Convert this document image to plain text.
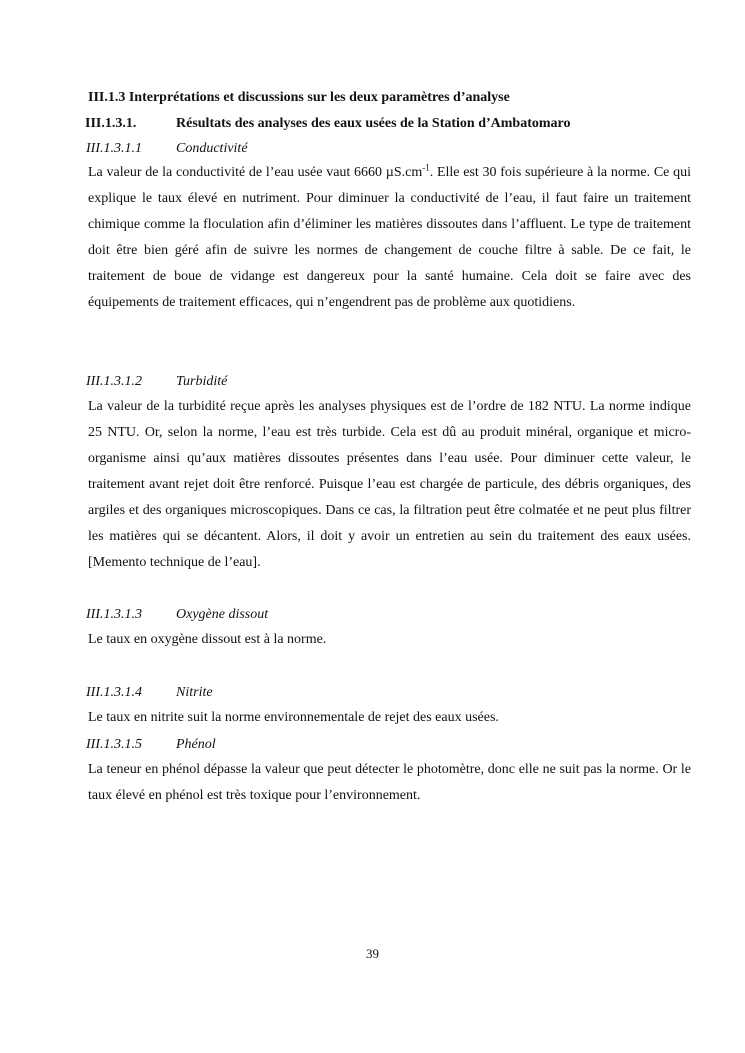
III.1.3 Interprétations et discussions sur les deux paramètres d’analyse
III.1.3.1.	Résultats des analyses des eaux usées de la Station d’Ambatomaro
III.1.3.1.1 Conductivité

La valeur de la conductivité de l’eau usée vaut 6660 $\mu S.cm^{-1}$. Elle est 30 fois supérieure à la norme. Ce qui explique le taux élevé en nutriment. Pour diminuer la conductivité de l’eau, il faut faire un traitement chimique comme la floculation afin d’éliminer les matières dissoutes dans l’affluent. Le type de traitement doit être bien géré afin de suivre les normes de changement de couche filtre à sable. De ce fait, le traitement de boue de vidange est dangereux pour la santé humaine. Cela doit se faire avec des équipements de traitement efficaces, qui n’engendrent pas de problème aux quotidiens.

III.1.3.1.2 Turbidité

La valeur de la turbidité reçue après les analyses physiques est de l’ordre de 182 NTU. La norme indique 25 NTU. Or, selon la norme, l’eau est très turbide. Cela est dû au produit minéral, organique et micro-organisme ainsi qu’aux matières dissoutes présentes dans l’eau usée. Pour diminuer cette valeur, le traitement avant rejet doit être renforcé. Puisque l’eau est chargée de particule, des débris organiques, des argiles et des organiques microscopiques. Dans ce cas, la filtration peut être colmatée et ne peut plus filtrer les matières qui se décantent. Alors, il doit y avoir un entretien au sein du traitement des eaux usées. [Memento technique de l’eau].

III.1.3.1.3 Oxygène dissout

Le taux en oxygène dissout est à la norme.

III.1.3.1.4 Nitrite

Le taux en nitrite suit la norme environnementale de rejet des eaux usées.

III.1.3.1.5 Phénol

La teneur en phénol dépasse la valeur que peut détecter le photomètre, donc elle ne suit pas la norme. Or le taux élevé en phénol est très toxique pour l’environnement.

39
